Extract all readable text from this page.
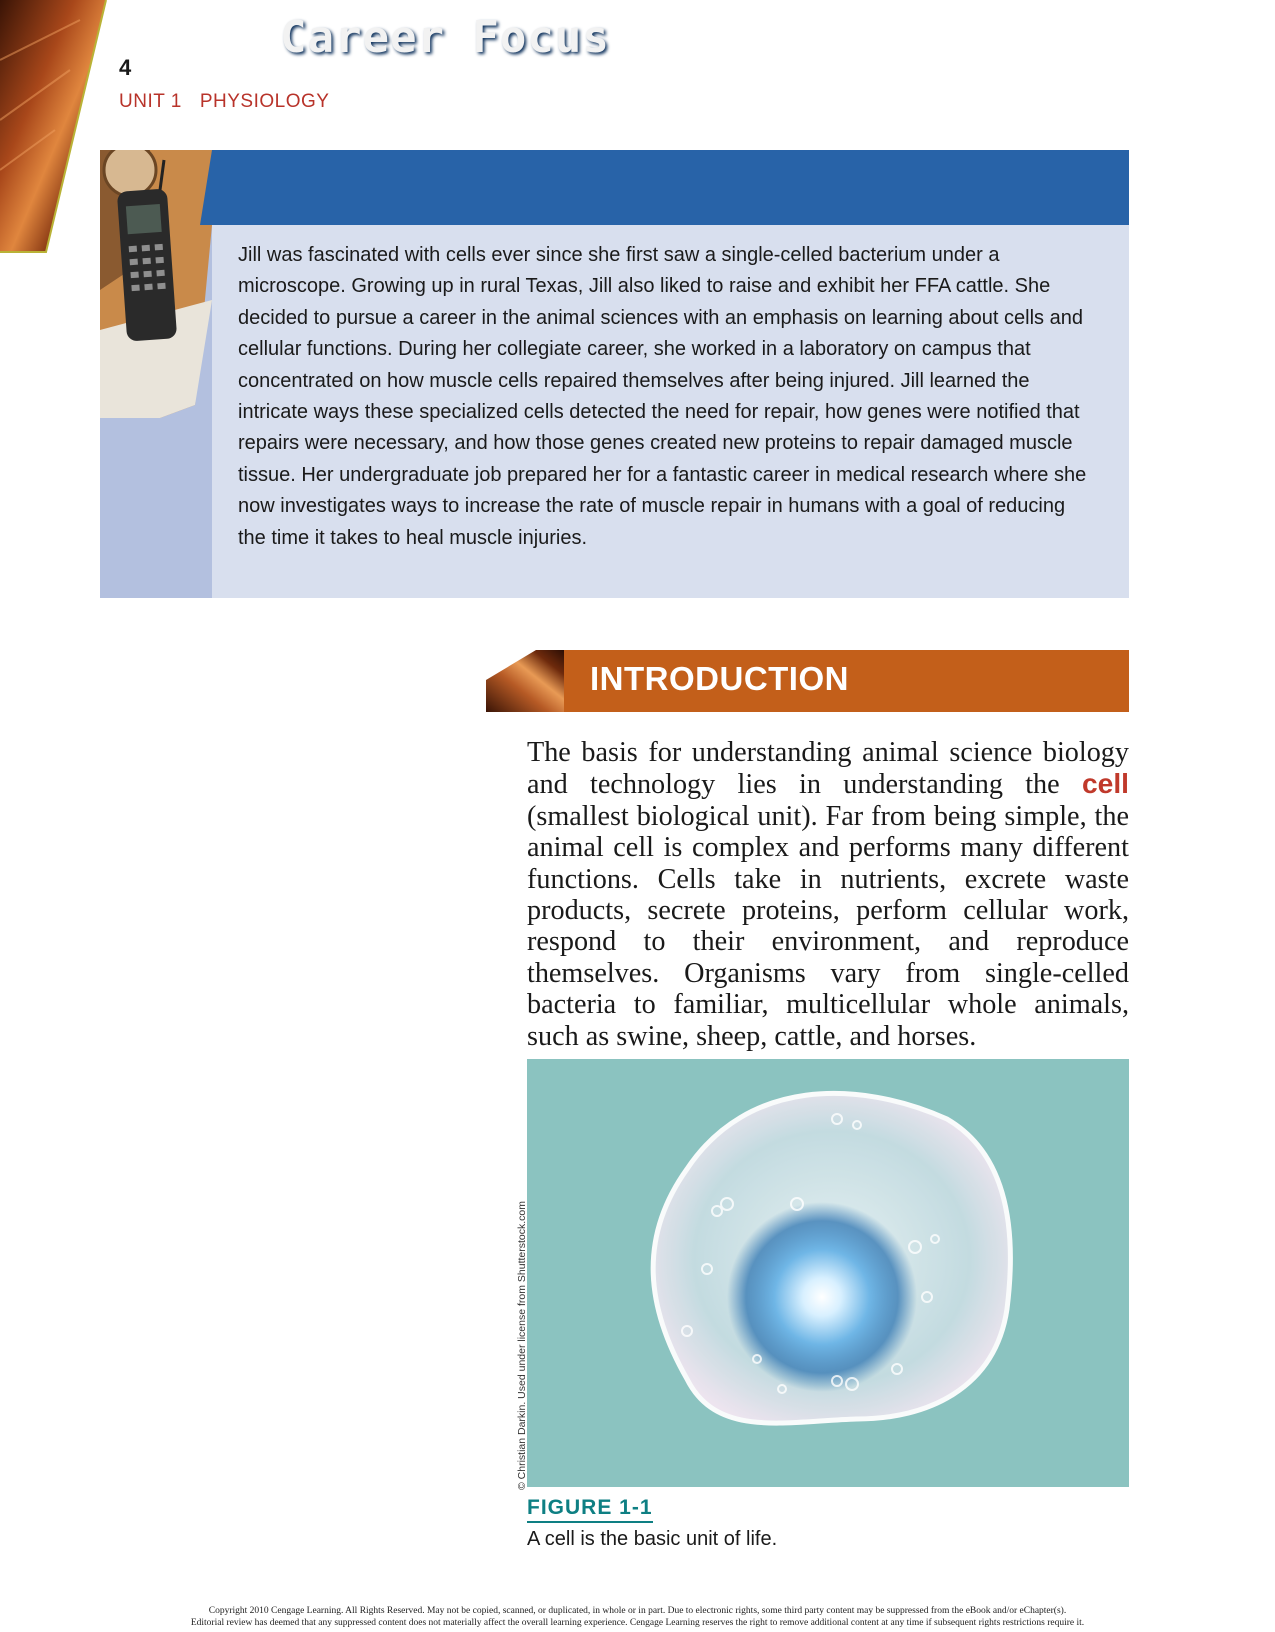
4
UNIT 1 PHYSIOLOGY
Career Focus

Jill was fascinated with cells ever since she first saw a single-celled bacterium under a microscope. Growing up in rural Texas, Jill also liked to raise and exhibit her FFA cattle. She decided to pursue a career in the animal sciences with an emphasis on learning about cells and cellular functions. During her collegiate career, she worked in a laboratory on campus that concentrated on how muscle cells repaired themselves after being injured. Jill learned the intricate ways these specialized cells detected the need for repair, how genes were notified that repairs were necessary, and how those genes created new proteins to repair damaged muscle tissue. Her undergraduate job prepared her for a fantastic career in medical research where she now investigates ways to increase the rate of muscle repair in humans with a goal of reducing the time it takes to heal muscle injuries.

INTRODUCTION

The basis for understanding animal science biology and technology lies in understanding the cell (smallest biological unit). Far from being simple, the animal cell is complex and performs many different functions. Cells take in nutrients, excrete waste products, secrete proteins, perform cellular work, respond to their environment, and reproduce themselves. Organisms vary from single-celled bacteria to familiar, multicellular whole animals, such as swine, sheep, cattle, and horses.

© Christian Darkin. Used under license from Shutterstock.com
FIGURE 1-1
A cell is the basic unit of life.
Copyright 2010 Cengage Learning. All Rights Reserved. May not be copied, scanned, or duplicated, in whole or in part. Due to electronic rights, some third party content may be suppressed from the eBook and/or eChapter(s).
Editorial review has deemed that any suppressed content does not materially affect the overall learning experience. Cengage Learning reserves the right to remove additional content at any time if subsequent rights restrictions require it.
